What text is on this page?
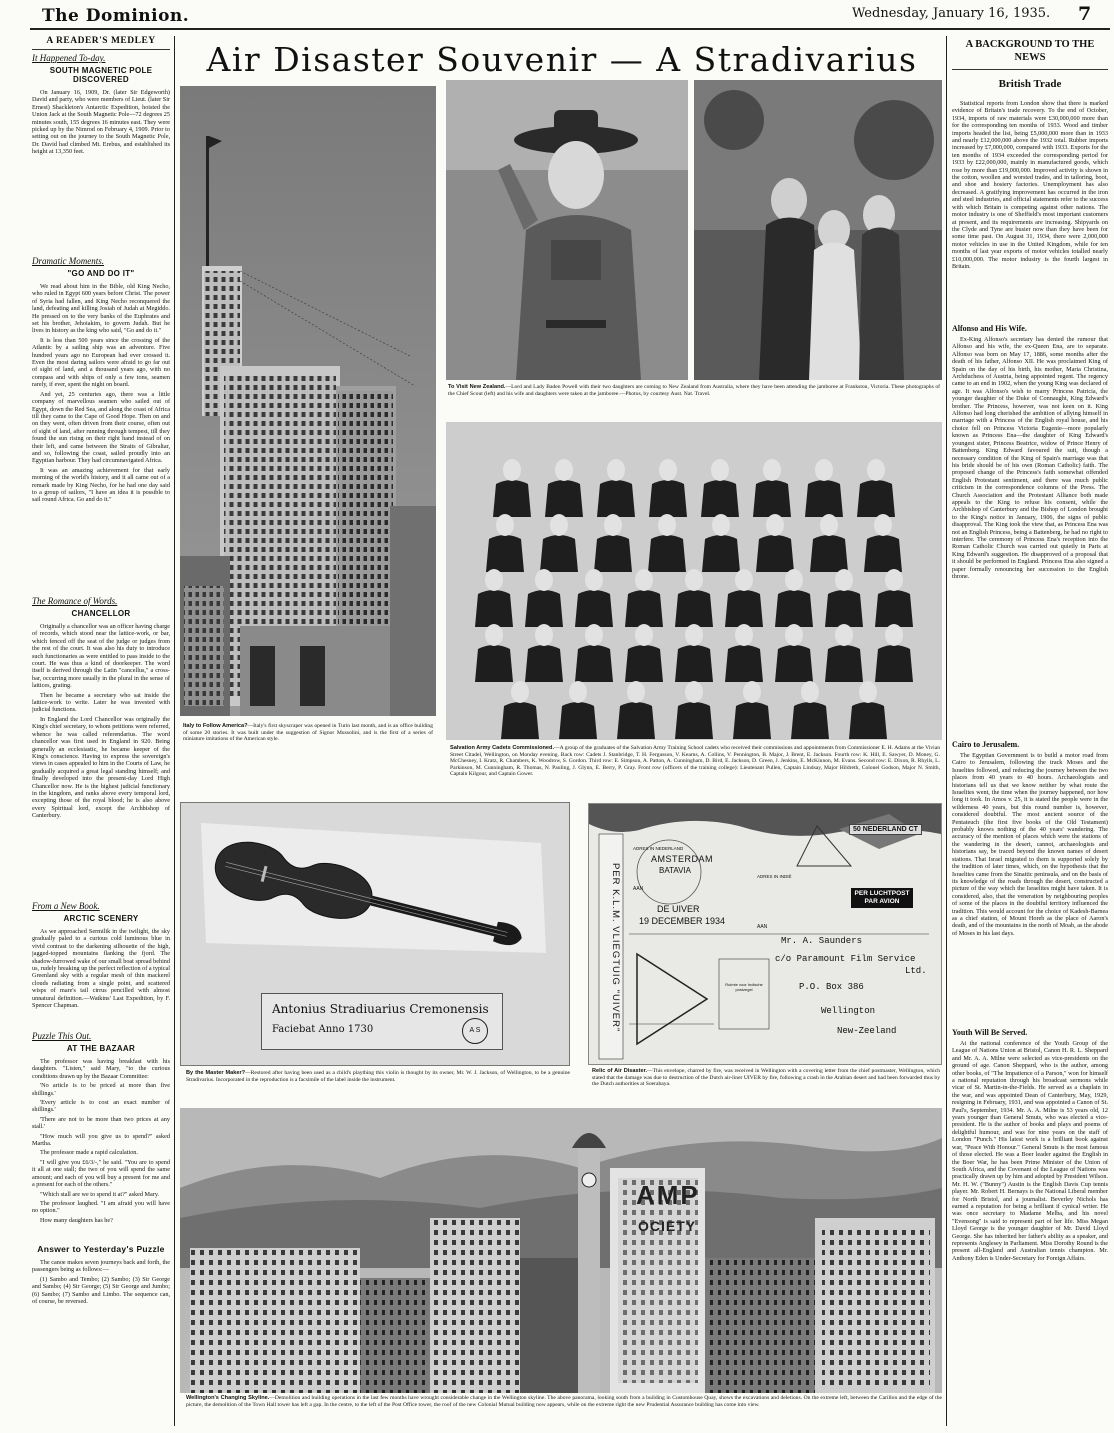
The Dominion.	Wednesday, January 16, 1935. 7
A READER'S MEDLEY
It Happened To-day.
SOUTH MAGNETIC POLE DISCOVERED

On January 16, 1909, Dr. (later Sir Edgeworth) David and party, who were members of Lieut. (later Sir Ernest) Shackleton's Antarctic Expedition, hoisted the Union Jack at the South Magnetic Pole—72 degrees 25 minutes south, 155 degrees 16 minutes east. They were picked up by the Nimrod on February 4, 1909. Prior to setting out on the journey to the South Magnetic Pole, Dr. David had climbed Mt. Erebus, and established its height at 13,350 feet.

Dramatic Moments.
"GO AND DO IT"

We read about him in the Bible, old King Necho, who ruled in Egypt 600 years before Christ. The power of Syria had fallen, and King Necho reconquered the land, defeating and killing Josiah of Judah at Megiddo. He pressed on to the very banks of the Euphrates and set his brother, Jehoiakim, to govern Judah. But he lives in history as the king who said, "Go and do it."

It is less than 500 years since the crossing of the Atlantic by a sailing ship was an adventure. Five hundred years ago no European had ever crossed it. Even the most daring sailors were afraid to go far out of sight of land, and a thousand years ago, with no compass and with ships of only a few tons, seamen rarely, if ever, spent the night on board.

And yet, 25 centuries ago, there was a little company of marvellous seamen who sailed out of Egypt, down the Red Sea, and along the coast of Africa till they came to the Cape of Good Hope. Then on and on they went, often driven from their course, often out of sight of land, after running through tempest, till they found the sun rising on their right hand instead of on their left, and came between the Straits of Gibraltar, and so, following the coast, sailed proudly into an Egyptian harbour. They had circumnavigated Africa.

It was an amazing achievement for that early morning of the world's history, and it all came out of a remark made by King Necho, for he had one day said to a group of sailors, "I have an idea it is possible to sail round Africa. Go and do it."

The Romance of Words.
CHANCELLOR

Originally a chancellor was an officer having charge of records, which stood near the lattice-work, or bar, which fenced off the seat of the judge or judges from the rest of the court. It was also his duty to introduce such functionaries as were entitled to pass inside to the court. He was thus a kind of doorkeeper. The word itself is derived through the Latin "cancellus," a cross-bar, occurring more usually in the plural in the sense of lattices, grating.

Then he became a secretary who sat inside the lattice-work to write. Later he was invested with judicial functions.

In England the Lord Chancellor was originally the King's chief secretary, to whom petitions were referred, whence he was called referendarius. The word chancellor was first used in England in 920. Being generally an ecclesiastic, he became keeper of the King's conscience. Having to express the sovereign's views in cases appealed to him in the Courts of Law, he gradually acquired a great legal standing himself; and finally developed into the present-day Lord High Chancellor now. He is the highest judicial functionary in the kingdom, and ranks above every temporal lord, excepting those of the royal blood; he is also above every Spiritual lord, except the Archbishop of Canterbury.

From a New Book.
ARCTIC SCENERY

As we approached Sermilik in the twilight, the sky gradually paled to a curious cold luminous blue in vivid contrast to the darkening silhouette of the high, jagged-topped mountains flanking the fjord. The shadow-furrowed wake of our small boat spread behind us, rudely breaking up the perfect reflection of a typical Greenland sky with a regular mesh of thin mackerel clouds radiating from a single point, and scattered wisps of mare's tail cirrus pencilled with almost unnatural definition.—Watkins' Last Expedition, by F. Spencer Chapman.

Puzzle This Out.
AT THE BAZAAR

The professor was having breakfast with his daughters. "Listen," said Mary, "to the curious conditions drawn up by the Bazaar Committee:

'No article is to be priced at more than five shillings.'

'Every article is to cost an exact number of shillings.'

'There are not to be more than two prices at any stall.'

"How much will you give us to spend?" asked Martha.

The professor made a rapid calculation.

"I will give you £6/3/-," he said. "You are to spend it all at one stall; the two of you will spend the same amount; and each of you will buy a present for me and a present for each of the others."

"Which stall are we to spend it at?" asked Mary.

The professor laughed. "I am afraid you will have no option."

How many daughters has he?

Answer to Yesterday's Puzzle

The canoe makes seven journeys back and forth, the passengers being as follows:—

(1) Sambo and Tembo; (2) Sambo; (3) Sir George and Sambo; (4) Sir George; (5) Sir George and Jumbo; (6) Sambo; (7) Sambo and Limbo. The sequence can, of course, be reversed.

Air Disaster Souvenir — A Stradivarius
Italy to Follow America?—Italy's first skyscraper was opened in Turin last month, and is an office building of some 20 stories. It was built under the suggestion of Signor Mussolini, and is the first of a series of miniature imitations of the American style.
To Visit New Zealand.—Lord and Lady Baden Powell with their two daughters are coming to New Zealand from Australia, where they have been attending the jamboree at Frankston, Victoria. These photographs of the Chief Scout (left) and his wife and daughters were taken at the jamboree.—Photos, by courtesy Aust. Nat. Travel.
Salvation Army Cadets Commissioned.—A group of the graduates of the Salvation Army Training School cadets who received their commissions and appointments from Commissioner E. H. Adams at the Vivian Street Citadel, Wellington, on Monday evening. Back row: Cadets J. Stanbridge, T. H. Fergusson, V. Kearns, A. Collins, V. Pennington, B. Major, J. Brent, E. Jackson. Fourth row: K. Hill, E. Sawyer, D. Money, G. McChesney, I. Kratz, R. Chambers, K. Woodrow, S. Gordon. Third row: E. Simpson, A. Patton, A. Cunningham, D. Bird, E. Jackson, D. Green, J. Jenkins, E. McKinnon, M. Evans. Second row: E. Dixon, R. Rhylls, L. Parkinson, M. Cunningham, R. Thomas, N. Pauling, J. Glynn, E. Berry, P. Gray. Front row (officers of the training college): Lieutenant Pullen, Captain Lindsay, Major Hildreth, Colonel Godson, Major N. Smith, Captain Kilgour, and Captain Gower.
Antonius Stradiuarius Cremonensis
Faciebat Anno 1730	A S
By the Master Maker?—Restored after having been used as a child's plaything this violin is thought by its owner, Mr. W. J. Jackson, of Wellington, to be a genuine Stradivarius. Incorporated in the reproduction is a facsimile of the label inside the instrument.
PER K.L.M. VLIEGTUIG "UIVER"
ADRES IN NEDERLAND
ADRES IN INDIË
AAN
AAN
AMSTERDAM
BATAVIA
DE UIVER
19 DECEMBER 1934
50 NEDERLAND CT
PER LUCHTPOST
PAR AVION
Mr. A. Saunders
c/o Paramount Film Service
Ltd.
P.O. Box 386
Wellington
New-Zeeland
Ruimte voor Indische postzegel
Relic of Air Disaster.—This envelope, charred by fire, was received in Wellington with a covering letter from the chief postmaster, Wellington, which stated that the damage was due to destruction of the Dutch air-liner UIVER by fire, following a crash in the Arabian desert and had been forwarded thus by the Dutch authorities at Soerabaya.
AMP
OCIETY
Wellington's Changing Skyline.—Demolition and building operations in the last few months have wrought considerable change in the Wellington skyline. The above panorama, looking south from a building in Customhouse Quay, shows the excavations and deletions. On the extreme left, between the Carillon and the edge of the picture, the demolition of the Town Hall tower has left a gap. In the centre, to the left of the Post Office tower, the roof of the new Colonial Mutual building now appears, while on the extreme right the new Prudential Assurance building has come into view.
A BACKGROUND TO THE NEWS
British Trade

Statistical reports from London show that there is marked evidence of Britain's trade recovery. To the end of October, 1934, imports of raw materials were £30,000,000 more than for the corresponding ten months of 1933. Wood and timber imports headed the list, being £5,000,000 more than in 1933 and nearly £12,000,000 above the 1932 total. Rubber imports increased by £7,000,000, compared with 1933. Exports for the ten months of 1934 exceeded the corresponding period for 1933 by £22,000,000, mainly in manufactured goods, which rose by more than £19,000,000. Improved activity is shown in the cotton, woollen and worsted trades, and in tailoring, boot, and shoe and hosiery factories. Unemployment has also decreased. A gratifying improvement has occurred in the iron and steel industries, and official statements refer to the success with which Britain is competing against other nations. The motor industry is one of Sheffield's most important customers at present, and its requirements are increasing. Shipyards on the Clyde and Tyne are busier now than they have been for some time past. On August 31, 1934, there were 2,000,000 motor vehicles in use in the United Kingdom, while for ten months of last year exports of motor vehicles totalled nearly £10,000,000. The motor industry is the fourth largest in Britain.

Alfonso and His Wife.

Ex-King Alfonso's secretary has denied the rumour that Alfonso and his wife, the ex-Queen Ena, are to separate. Alfonso was born on May 17, 1886, some months after the death of his father, Alfonso XII. He was proclaimed King of Spain on the day of his birth, his mother, Maria Christina, Archduchess of Austria, being appointed regent. The regency came to an end in 1902, when the young King was declared of age. It was Alfonso's wish to marry Princess Patricia, the younger daughter of the Duke of Connaught, King Edward's brother. The Princess, however, was not keen on it. King Alfonso had long cherished the ambition of allying himself in marriage with a Princess of the English royal house, and his choice fell on Princess Victoria Eugenie—more popularly known as Princess Ena—the daughter of King Edward's youngest sister, Princess Beatrice, widow of Prince Henry of Battenberg. King Edward favoured the suit, though a necessary condition of the King of Spain's marriage was that his bride should be of his own (Roman Catholic) faith. The proposed change of the Princess's faith somewhat offended English Protestant sentiment, and there was much public criticism in the correspondence columns of the Press. The Church Association and the Protestant Alliance both made appeals to the King to refuse his consent, while the Archbishop of Canterbury and the Bishop of London brought to the King's notice in January, 1906, the signs of public disapproval. The King took the view that, as Princess Ena was not an English Princess, being a Battenberg, he had no right to interfere. The ceremony of Princess Ena's reception into the Roman Catholic Church was carried out quietly in Paris at King Edward's suggestion. He disapproved of a proposal that it should be performed in England. Princess Ena also signed a paper formally renouncing her succession to the English throne.

Cairo to Jerusalem.

The Egyptian Government is to build a motor road from Cairo to Jerusalem, following the track Moses and the Israelites followed, and reducing the journey between the two places from 40 years to 40 hours. Archaeologists and historians tell us that we know neither by what route the Israelites went, the time when the journey happened, nor how long it took. In Amos v. 25, it is stated the people were in the wilderness 40 years, but this round number is, however, considered doubtful. The most ancient source of the Pentateuch (the first five books of the Old Testament) probably knows nothing of the 40 years' wandering. The accuracy of the mention of places which were the stations of the wandering in the desert, cannot, archaeologists and historians say, be traced beyond the known names of desert stations. That Israel migrated to them is supported solely by the tradition of later times, which, on the hypothesis that the Israelites came from the Sinaitic peninsula, and on the basis of its knowledge of the roads through the desert, constructed a picture of the way which the Israelites might have taken. It is considered, also, that the veneration by neighbouring peoples of some of the places in the doubtful territory influenced the tradition. This would account for the choice of Kadesh-Barnea as a chief station, of Mount Horeb as the place of Aaron's death, and of the mountains in the north of Moab, as the abode of Moses in his last days.

Youth Will Be Served.

At the national conference of the Youth Group of the League of Nations Union at Bristol, Canon H. R. L. Sheppard and Mr. A. A. Milne were selected as vice-presidents on the ground of age. Canon Sheppard, who is the author, among other books, of "The Impatience of a Parson," won for himself a national reputation through his broadcast sermons while vicar of St. Martin-in-the-Fields. He served as a chaplain in the war, and was appointed Dean of Canterbury, May, 1929, resigning in February, 1931, and was appointed a Canon of St. Paul's, September, 1934. Mr. A. A. Milne is 53 years old, 12 years younger than General Smuts, who was elected a vice-president. He is the author of books and plays and poems of delightful humour, and was for nine years on the staff of London "Punch." His latest work is a brilliant book against war, "Peace With Honour." General Smuts is the most famous of those elected. He was a Boer leader against the English in the Boer War, he has been Prime Minister of the Union of South Africa, and the Covenant of the League of Nations was practically drawn up by him and adopted by President Wilson. Mr. H. W. ("Bunny") Austin is the English Davis Cup tennis player. Mr. Robert H. Bernays is the National Liberal member for North Bristol, and a journalist. Beverley Nichols has earned a reputation for being a brilliant if cynical writer. He was once secretary to Madame Melba, and his novel "Evensong" is said to represent part of her life. Miss Megan Lloyd George is the younger daughter of Mr. David Lloyd George. She has inherited her father's ability as a speaker, and represents Anglesey in Parliament. Miss Dorothy Round is the present all-England and Australian tennis champion. Mr. Anthony Eden is Under-Secretary for Foreign Affairs.
